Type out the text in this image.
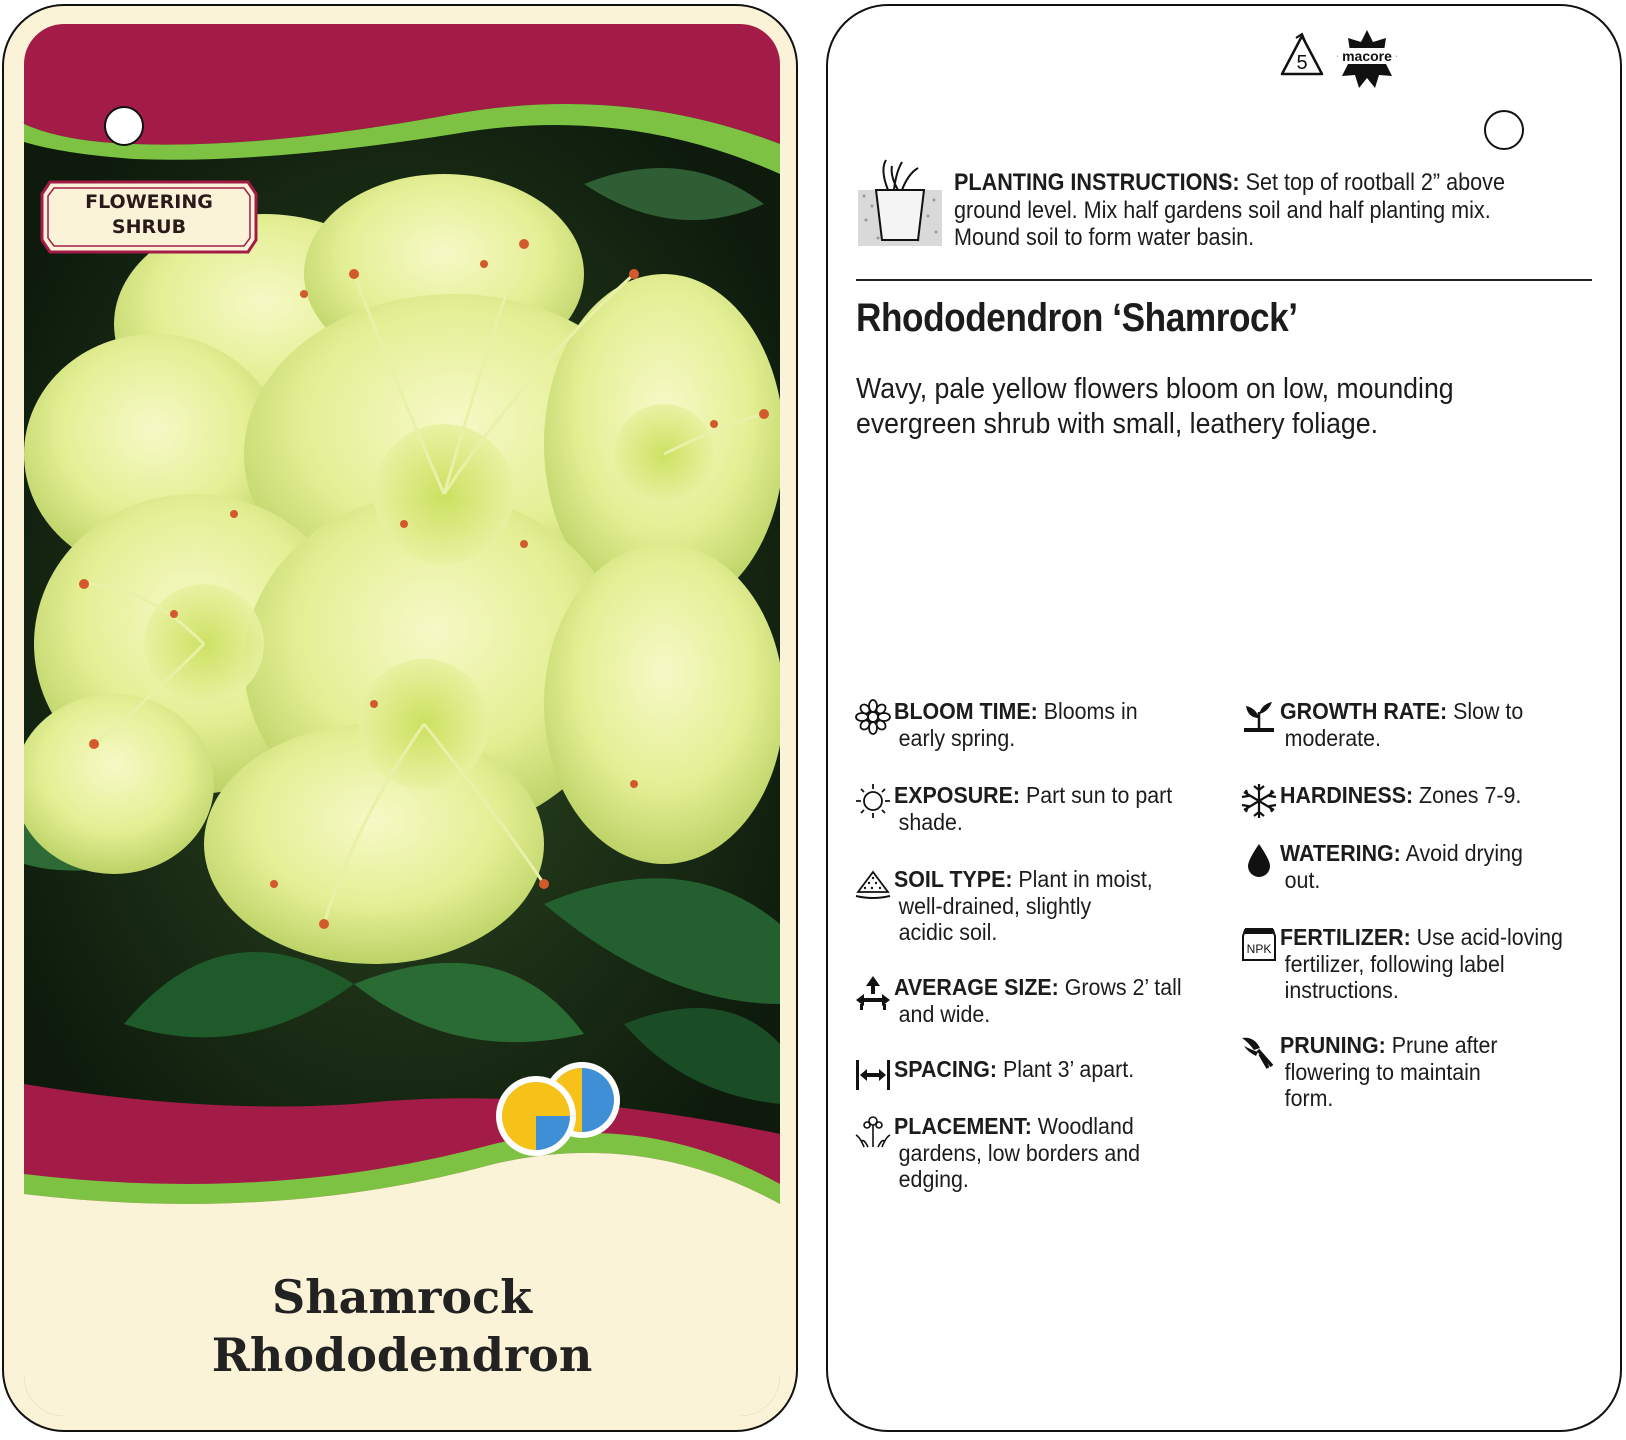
FLOWERING
SHRUB
Shamrock
Rhododendron
5 macore
PLANTING INSTRUCTIONS: Set top of rootball 2” above
ground level. Mix half gardens soil and half planting mix.
Mound soil to form water basin.
Rhododendron ‘Shamrock’
Wavy, pale yellow flowers bloom on low, mounding
evergreen shrub with small, leathery foliage.
BLOOM TIME: Blooms in
early spring.
EXPOSURE: Part sun to part
shade.
SOIL TYPE: Plant in moist,
well-drained, slightly
acidic soil.
AVERAGE SIZE: Grows 2’ tall
and wide.
SPACING: Plant 3’ apart.
PLACEMENT: Woodland
gardens, low borders and
edging.
GROWTH RATE: Slow to
moderate.
HARDINESS: Zones 7-9.
WATERING: Avoid drying
out.
NPK FERTILIZER: Use acid-loving
fertilizer, following label
instructions.
PRUNING: Prune after
flowering to maintain
form.
